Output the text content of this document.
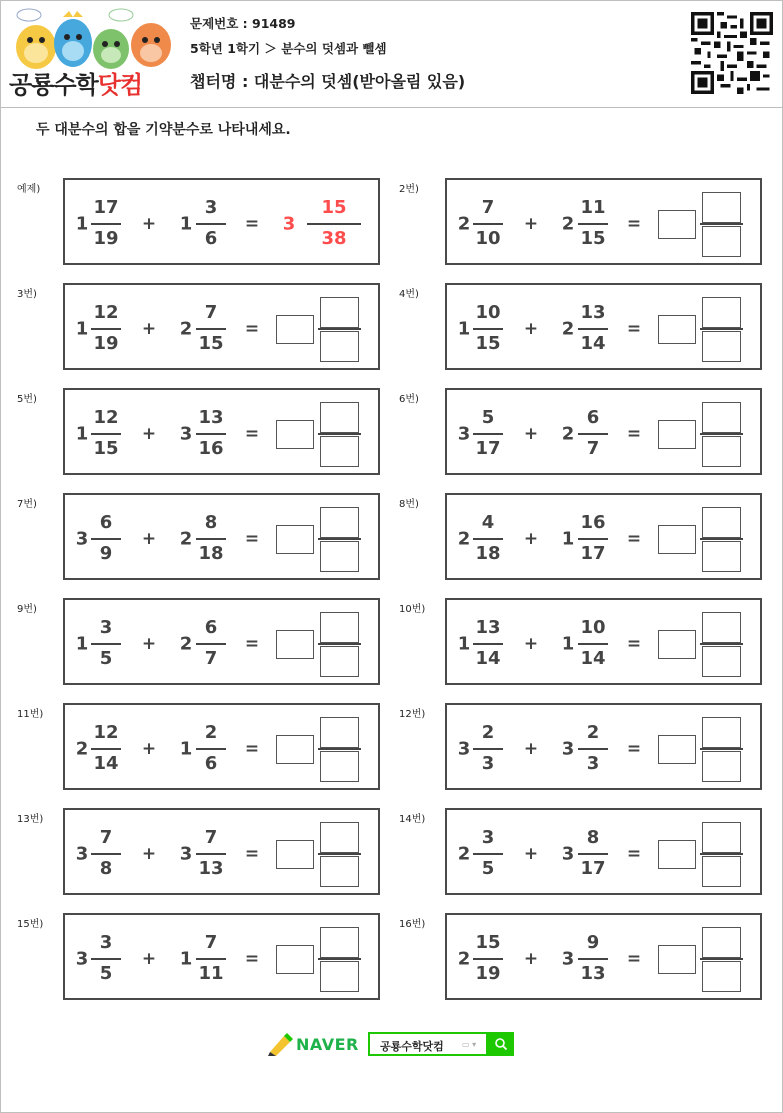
공룡수학닷컴
문제번호 : 91489
5학년 1학기 ＞ 분수의 덧셈과 뺄셈
챕터명 : 대분수의 덧셈(받아올림 있음)
두 대분수의 합을 기약분수로 나타내세요.
예제)
1
17
19
1
3
6
+	= 3
15
38
2번)
2
7
10
2
11
15
+	=
3번)
1
12
19
2
7
15
+	=
4번)
1
10
15
2
13
14
+	=
5번)
1
12
15
3
13
16
+	=
6번)
3
5
17
2
6
7
+	=
7번)
3
6
9
2
8
18
+	=
8번)
2
4
18
1
16
17
+	=
9번)
1
3
5
2
6
7
+	=
10번)
1
13
14
1
10
14
+	=
11번)
2
12
14
1
2
6
+	=
12번)
3
2
3
3
2
3
+	=
13번)
3
7
8
3
7
13
+	=
14번)
2
3
5
3
8
17
+	=
15번)
3
3
5
1
7
11
+	=
16번)
2
15
19
3
9
13
+	=
NAVER 공룡수학닷컴 ▭ ▾
